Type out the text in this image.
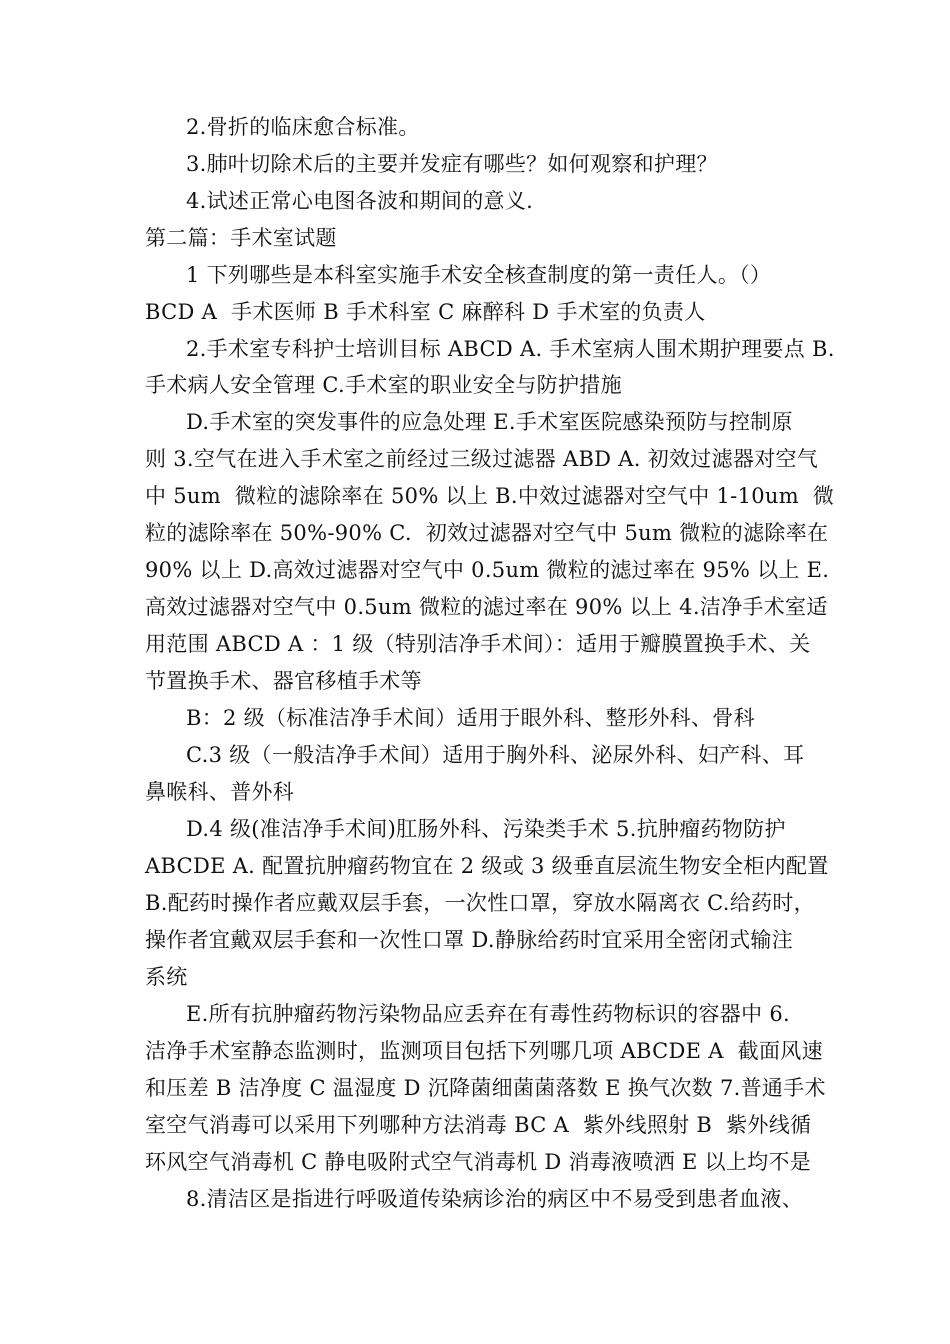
2.骨折的临床愈合标准。
3.肺叶切除术后的主要并发症有哪些？如何观察和护理？
4.试述正常心电图各波和期间的意义.
第二篇：手术室试题
1 下列哪些是本科室实施手术安全核查制度的第一责任人。（）
BCD A  手术医师 B 手术科室 C 麻醉科 D 手术室的负责人
2.手术室专科护士培训目标 ABCD A. 手术室病人围术期护理要点 B.
手术病人安全管理 C.手术室的职业安全与防护措施
D.手术室的突发事件的应急处理 E.手术室医院感染预防与控制原
则 3.空气在进入手术室之前经过三级过滤器 ABD A. 初效过滤器对空气
中 5um  微粒的滤除率在 50% 以上 B.中效过滤器对空气中 1-10um  微
粒的滤除率在 50%-90% C.  初效过滤器对空气中 5um 微粒的滤除率在
90% 以上 D.高效过滤器对空气中 0.5um 微粒的滤过率在 95% 以上 E.
高效过滤器对空气中 0.5um 微粒的滤过率在 90% 以上 4.洁净手术室适
用范围 ABCD A ：1 级（特别洁净手术间）：适用于瓣膜置换手术、关
节置换手术、器官移植手术等
B：2 级（标准洁净手术间）适用于眼外科、整形外科、骨科
C.3 级（一般洁净手术间）适用于胸外科、泌尿外科、妇产科、耳
鼻喉科、普外科
D.4 级(准洁净手术间)肛肠外科、污染类手术 5.抗肿瘤药物防护
ABCDE A. 配置抗肿瘤药物宜在 2 级或 3 级垂直层流生物安全柜内配置
B.配药时操作者应戴双层手套，一次性口罩，穿放水隔离衣 C.给药时，
操作者宜戴双层手套和一次性口罩 D.静脉给药时宜采用全密闭式输注
系统
E.所有抗肿瘤药物污染物品应丢弃在有毒性药物标识的容器中 6.
洁净手术室静态监测时，监测项目包括下列哪几项 ABCDE A  截面风速
和压差 B 洁净度 C 温湿度 D 沉降菌细菌菌落数 E 换气次数 7.普通手术
室空气消毒可以采用下列哪种方法消毒 BC A  紫外线照射 B  紫外线循
环风空气消毒机 C 静电吸附式空气消毒机 D 消毒液喷洒 E 以上均不是
8.清洁区是指进行呼吸道传染病诊治的病区中不易受到患者血液、
